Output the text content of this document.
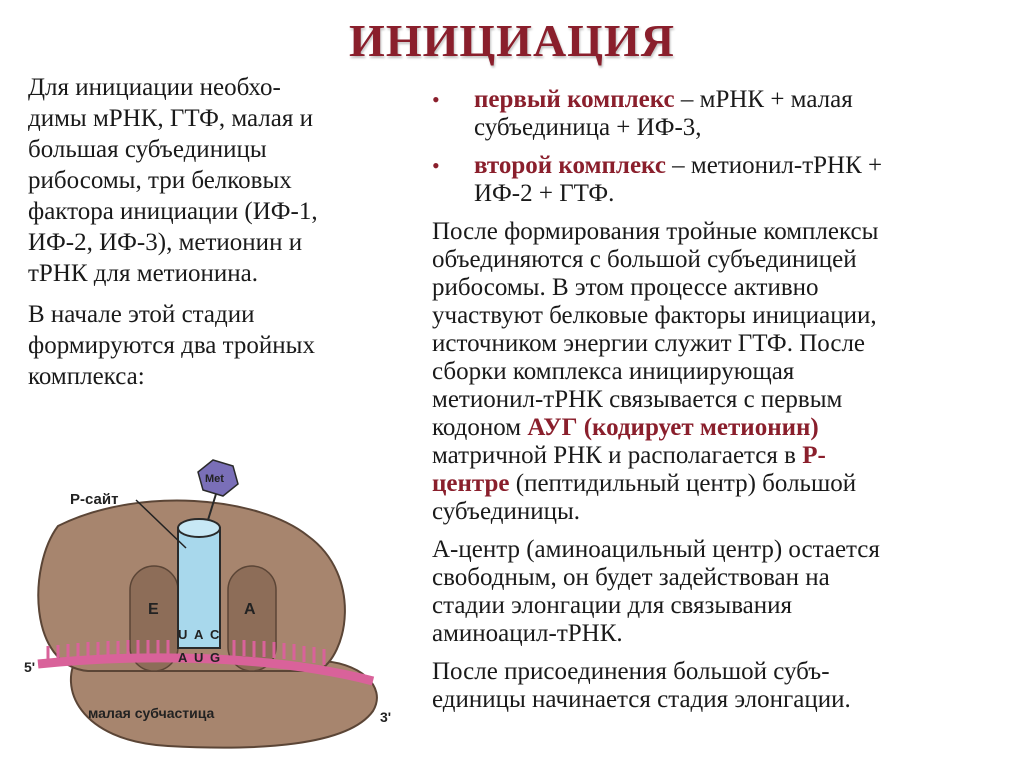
ИНИЦИАЦИЯ

Для инициации необхо-
димы мРНК, ГТФ, малая и
большая субъединицы
рибосомы, три белковых
фактора инициации (ИФ-1,
ИФ-2, ИФ-3), метионин и
тРНК для метионина.

В начале этой стадии
формируются два тройных
комплекса:

• первый комплекс – мРНК + малая
субъединица + ИФ-3,
• второй комплекс – метионил-тРНК +
ИФ-2 + ГТФ.

После формирования тройные комплексы
объединяются с большой субъединицей
рибосомы. В этом процессе активно
участвуют белковые факторы инициации,
источником энергии служит ГТФ. После
сборки комплекса инициирующая
метионил-тРНК связывается с первым
кодоном АУГ (кодирует метионин)
матричной РНК и располагается в Р-
центре (пептидильный центр) большой
субъединицы.

А-центр (аминоацильный центр) остается
свободным, он будет задействован на
стадии элонгации для связывания
аминоацил-тРНК.

После присоединения большой субъ-
единицы начинается стадия элонгации.

Met
P-сайт
E	A
U A C
A U G
5'
3'
малая субчастица
